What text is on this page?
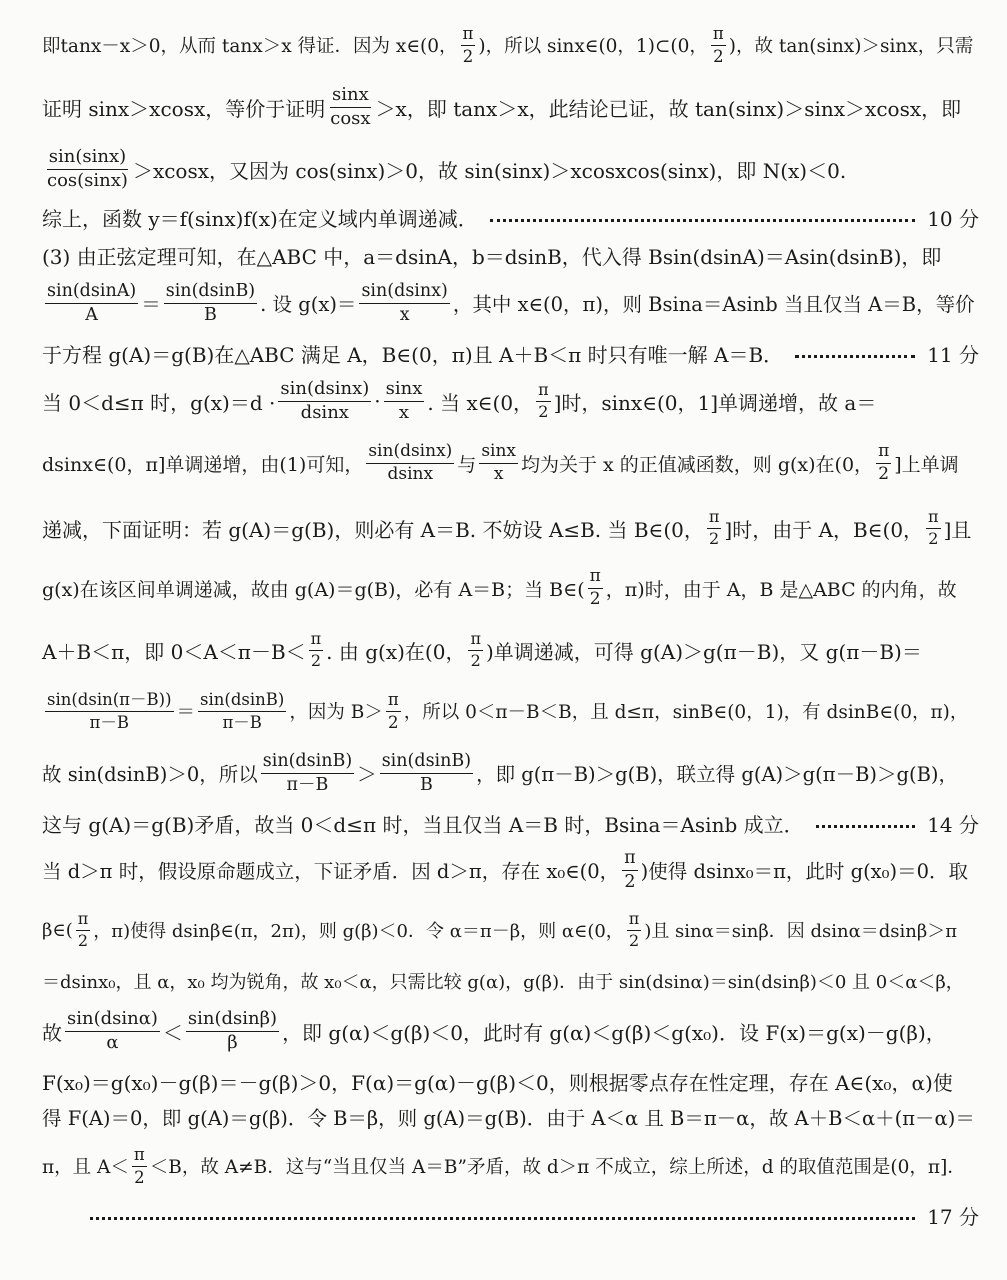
即tanx－x＞0，从而 tanx＞x 得证．因为 x∈(0， $\frac{\pi}{2}$ )，所以 sinx∈(0，1)⊂(0， $\frac{\pi}{2}$ )，故 tan(sinx)＞sinx，只需
证明 sinx＞xcosx，等价于证明 $\frac{\sin x}{\cos x} >x$，即 tanx＞x，此结论已证，故 tan(sinx)＞sinx＞xcosx，即
$\frac{\sin(\sin x)}{\cos(\sin x)} >xcosx$，又因为 cos(sinx)＞0，故 sin(sinx)＞xcosxcos(sinx)，即 N(x)＜0.
综上，函数 y＝f(sinx)f(x)在定义域内单调递减．	10 分
(3) 由正弦定理可知，在△ABC 中，a＝dsinA，b＝dsinB，代入得 Bsin(dsinA)＝Asin(dsinB)，即
$\frac{\sin(dsinA)}{A} = \frac{\sin(dsinB)}{B}$ . 设 $g(x)= \frac{\sin(dsinx)}{x}$ ，其中 x∈(0，π)，则 Bsina＝Asinb 当且仅当 A＝B，等价
于方程 g(A)＝g(B)在△ABC 满足 A，B∈(0，π)且 A＋B＜π 时只有唯一解 A＝B．	11 分
当 0＜d≤π 时，$g(x)=d \cdot \frac{\sin(dsinx)}{dsinx} \cdot \frac{\sin x}{x}$ . 当 x∈(0， $\frac{\pi}{2}$ ]时，sinx∈(0，1]单调递增，故 a＝
dsinx∈(0，π]单调递增，由(1)可知， $\frac{\sin(dsinx)}{dsinx}$ 与 $\frac{\sin x}{x}$ 均为关于 x 的正值减函数，则 g(x)在(0， $\frac{\pi}{2}$ ]上单调
递减，下面证明：若 g(A)＝g(B)，则必有 A＝B. 不妨设 A≤B. 当 B∈(0， $\frac{\pi}{2}$ ]时，由于 A，B∈(0， $\frac{\pi}{2}$ ]且
g(x)在该区间单调递减，故由 g(A)＝g(B)，必有 A＝B；当 B∈( $\frac{\pi}{2}$ ，π)时，由于 A，B 是△ABC 的内角，故
A＋B＜π，即 $0<A<\pi-B< \frac{\pi}{2}$ . 由 g(x)在(0， $\frac{\pi}{2}$ )单调递减，可得 g(A)＞g(π－B)，又 g(π－B)＝
$\frac{\sin(dsin(\pi-B))}{\pi-B} = \frac{\sin(dsinB)}{\pi-B}$ ，因为 $B> \frac{\pi}{2}$ ，所以 0＜π－B＜B，且 d≤π，sinB∈(0，1)，有 dsinB∈(0，π)，
故 sin(dsinB)＞0，所以 $\frac{\sin(dsinB)}{\pi-B} > \frac{\sin(dsinB)}{B}$ ，即 g(π－B)＞g(B)，联立得 g(A)＞g(π－B)＞g(B)，
这与 g(A)＝g(B)矛盾，故当 0＜d≤π 时，当且仅当 A＝B 时，Bsina＝Asinb 成立．	14 分
当 d＞π 时，假设原命题成立，下证矛盾．因 d＞π，存在 x₀∈(0， $\frac{\pi}{2}$ )使得 dsinx₀＝π，此时 g(x₀)＝0．取
β∈( $\frac{\pi}{2}$ ，π)使得 dsinβ∈(π，2π)，则 g(β)＜0．令 α＝π－β，则 α∈(0， $\frac{\pi}{2}$ )且 sinα＝sinβ．因 dsinα＝dsinβ＞π
＝dsinx₀，且 α，x₀ 均为锐角，故 x₀＜α，只需比较 g(α)，g(β)．由于 sin(dsinα)＝sin(dsinβ)＜0 且 0＜α＜β，
故 $\frac{\sin(dsin\alpha)}{\alpha} < \frac{\sin(dsin\beta)}{\beta}$ ，即 g(α)＜g(β)＜0，此时有 g(α)＜g(β)＜g(x₀)．设 F(x)＝g(x)－g(β)，
F(x₀)＝g(x₀)－g(β)＝－g(β)＞0，F(α)＝g(α)－g(β)＜0，则根据零点存在性定理，存在 A∈(x₀，α)使
得 F(A)＝0，即 g(A)＝g(β)．令 B＝β，则 g(A)＝g(B)．由于 A＜α 且 B＝π－α，故 A＋B＜α＋(π－α)＝
π，且 $A< \frac{\pi}{2} <B$，故 A≠B．这与“当且仅当 A＝B”矛盾，故 d＞π 不成立，综上所述，d 的取值范围是(0，π]．
17 分
